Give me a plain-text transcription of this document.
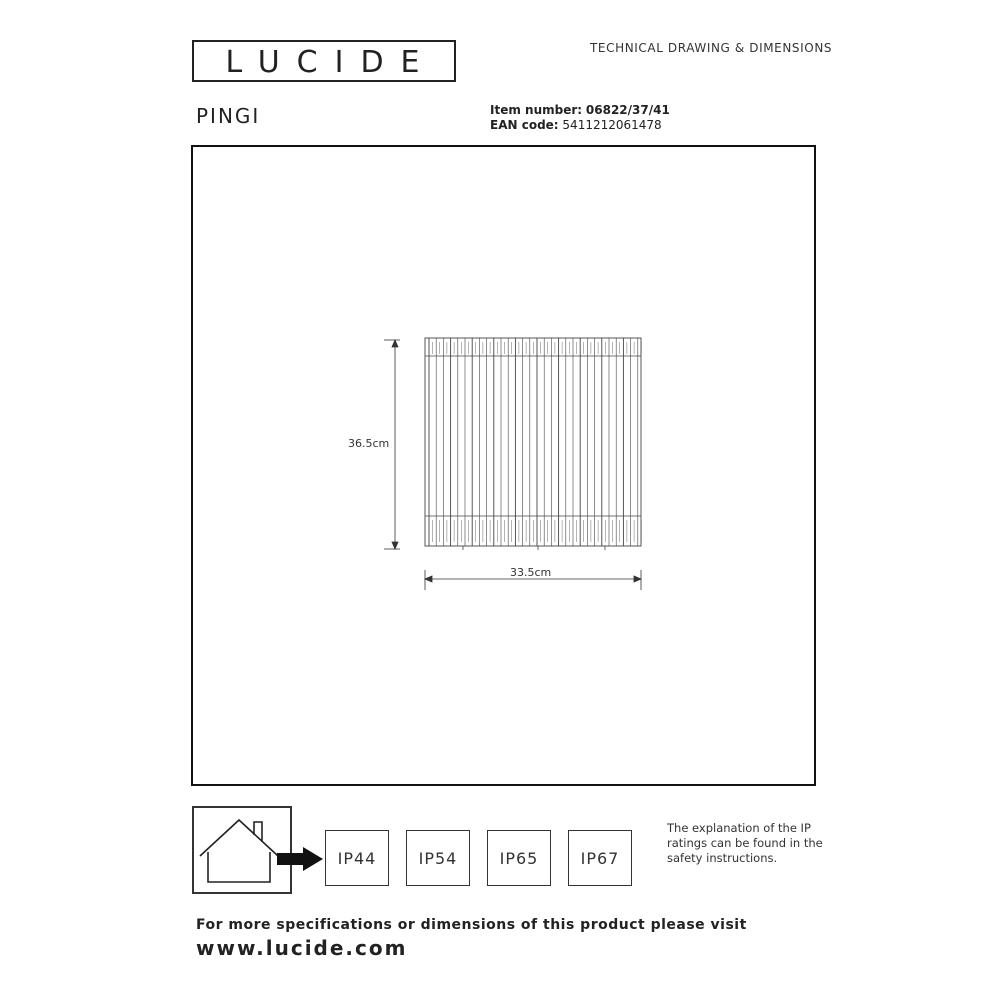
LUCIDE	TECHNICAL DRAWING & DIMENSIONS
PINGI	Item number: 06822/37/41
EAN code: 5411212061478
36.5cm
33.5cm
IP44	IP54	IP65	IP67
The explanation of the IP ratings can be found in the safety instructions.
For more specifications or dimensions of this product please visit
www.lucide.com
